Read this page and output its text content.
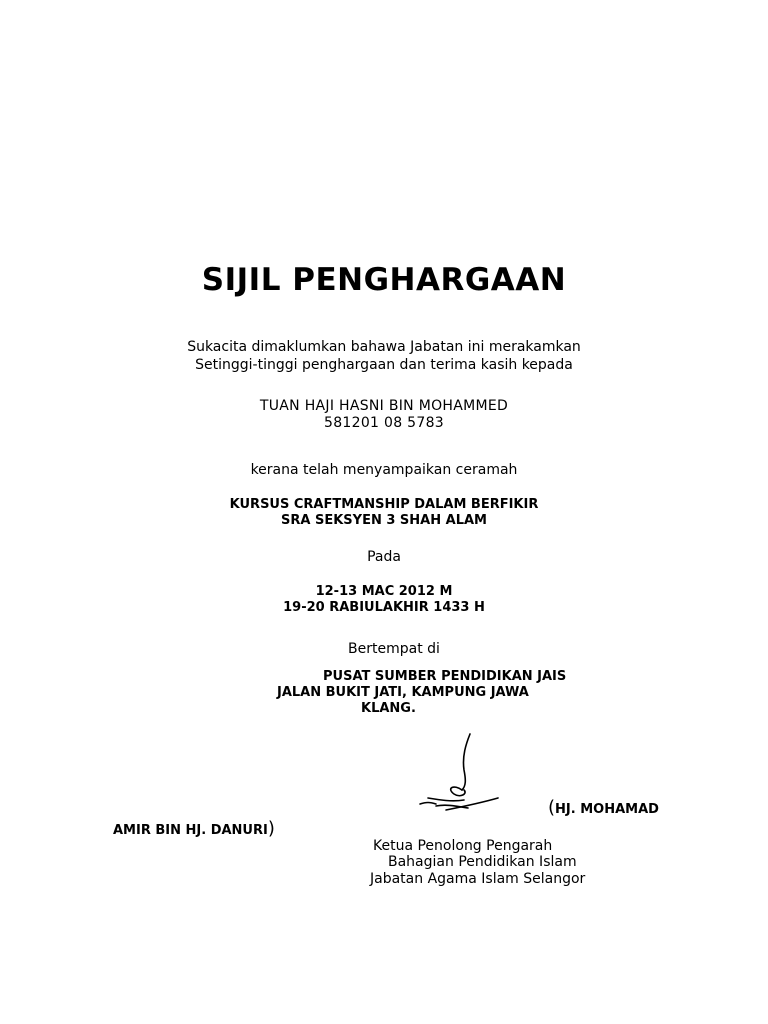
SIJIL PENGHARGAAN
Sukacita dimaklumkan bahawa Jabatan ini merakamkan
Setinggi-tinggi penghargaan dan terima kasih kepada
TUAN HAJI HASNI BIN MOHAMMED
581201 08 5783
kerana telah menyampaikan ceramah
KURSUS CRAFTMANSHIP DALAM BERFIKIR
SRA SEKSYEN 3 SHAH ALAM
Pada
12-13 MAC 2012 M
19-20 RABIULAKHIR 1433 H
Bertempat di
PUSAT SUMBER PENDIDIKAN JAIS
JALAN BUKIT JATI, KAMPUNG JAWA
KLANG.
(HJ. MOHAMAD
AMIR BIN HJ. DANURI)
Ketua Penolong Pengarah
Bahagian Pendidikan Islam
Jabatan Agama Islam Selangor
